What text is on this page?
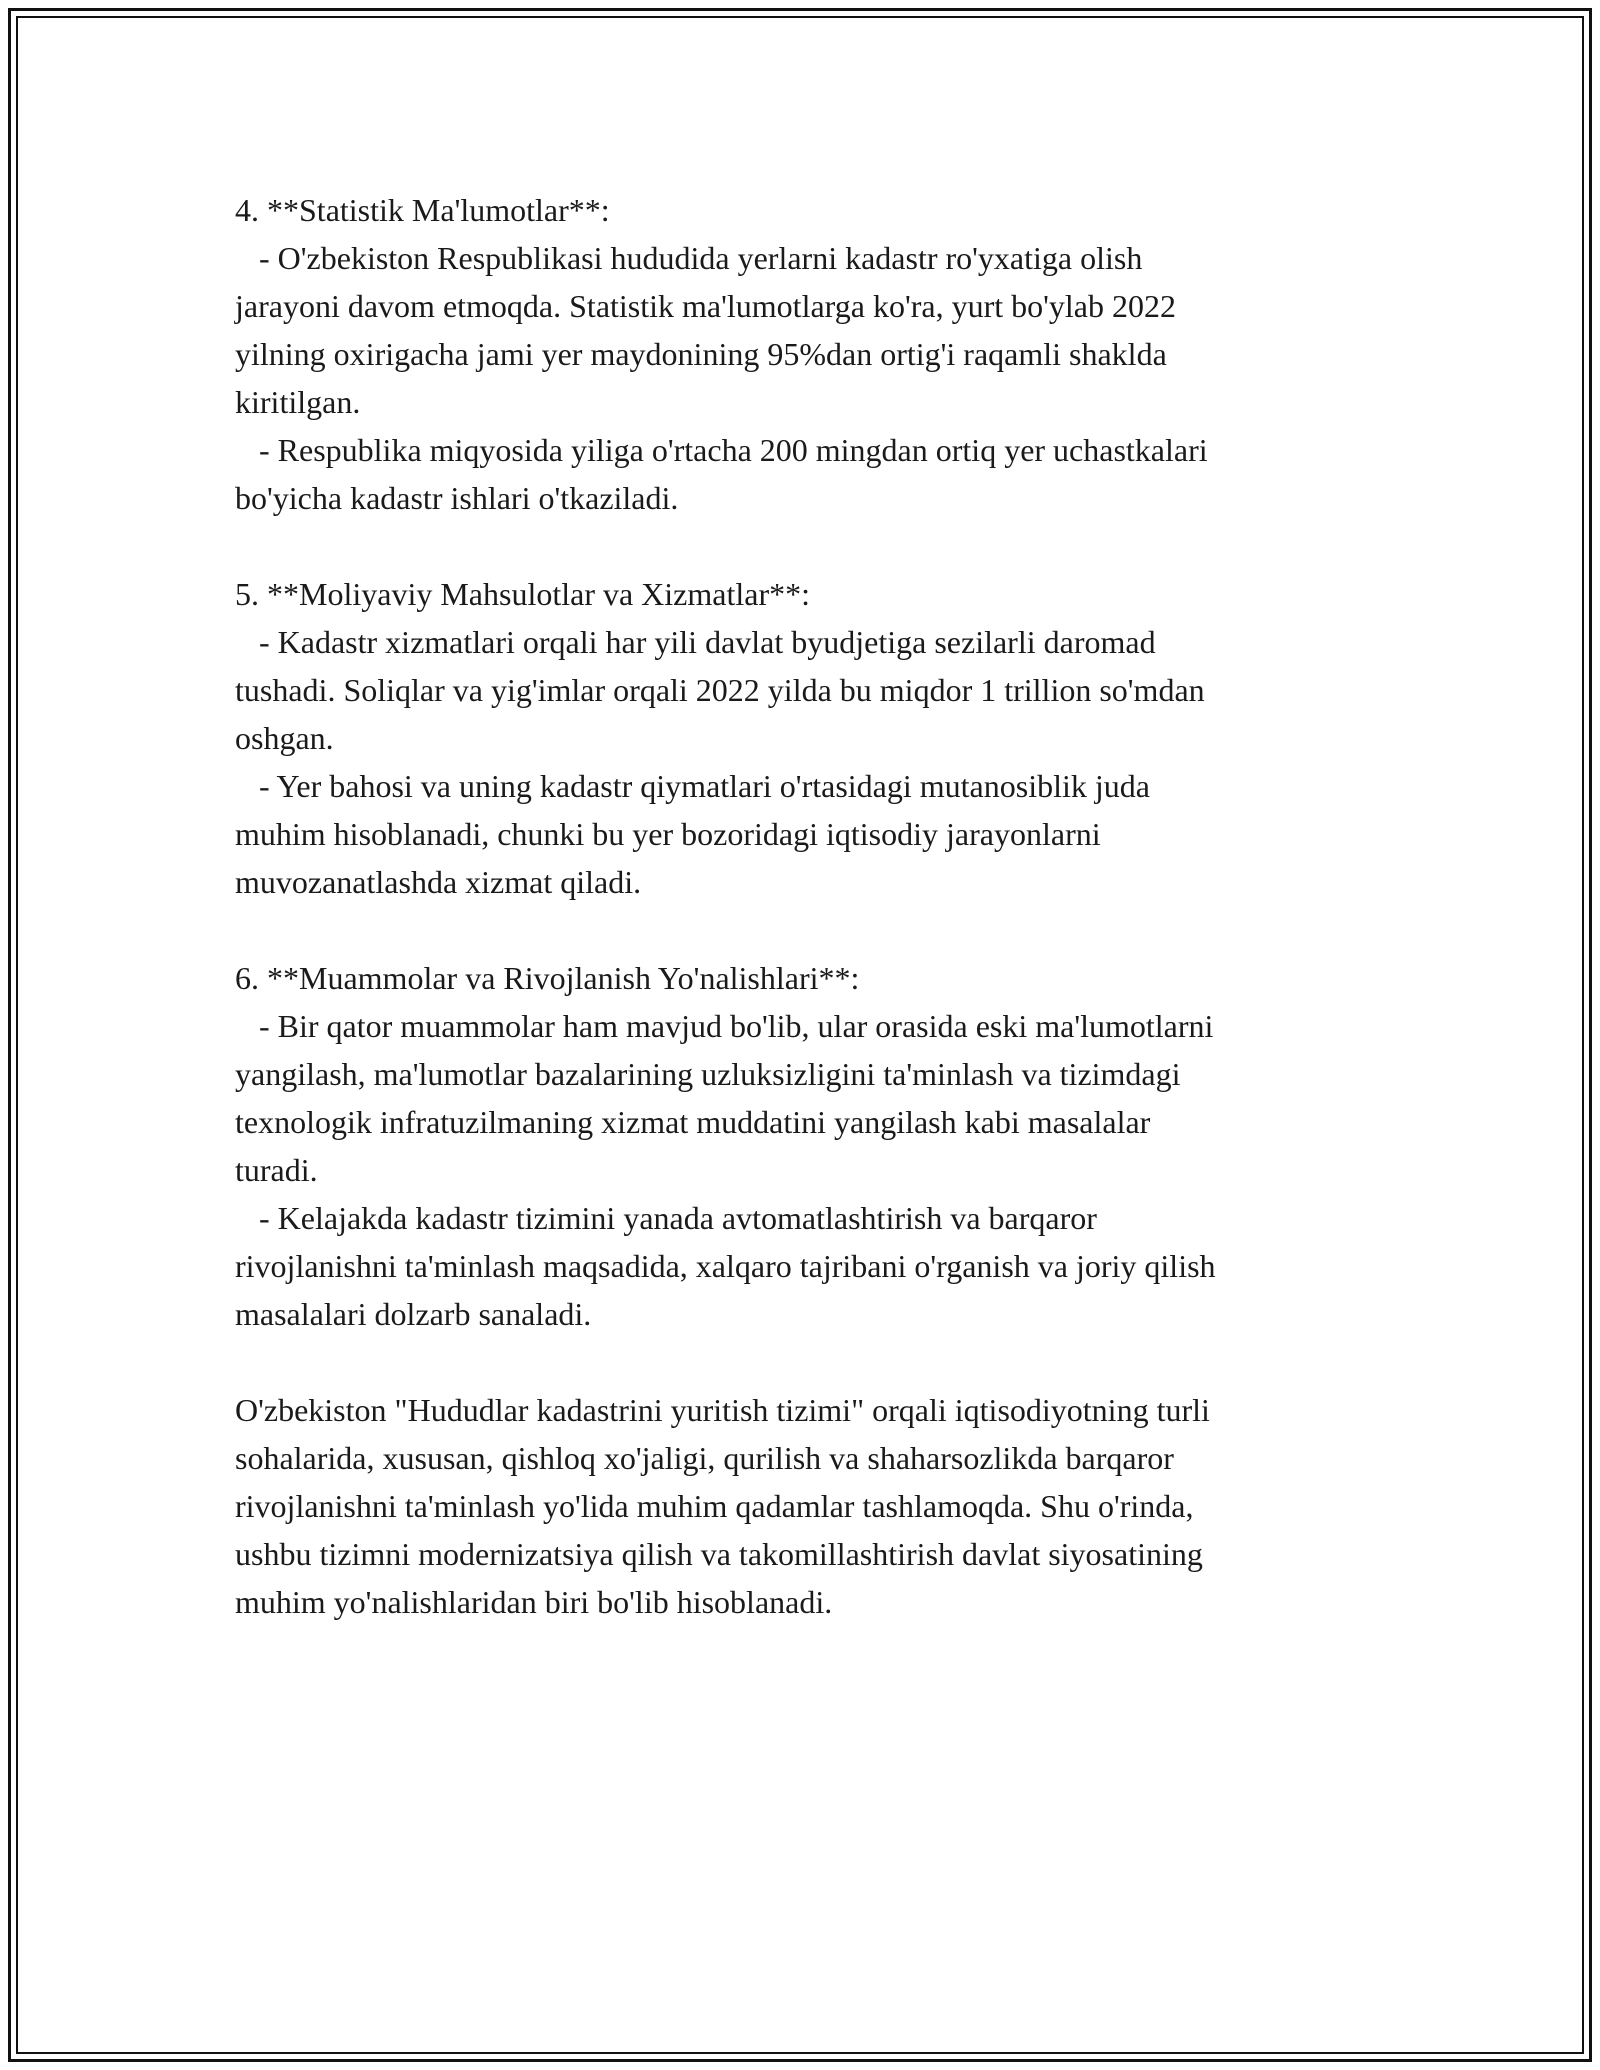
4. **Statistik Ma'lumotlar**:
- O'zbekiston Respublikasi hududida yerlarni kadastr ro'yxatiga olish
jarayoni davom etmoqda. Statistik ma'lumotlarga ko'ra, yurt bo'ylab 2022
yilning oxirigacha jami yer maydonining 95%dan ortig'i raqamli shaklda
kiritilgan.
- Respublika miqyosida yiliga o'rtacha 200 mingdan ortiq yer uchastkalari
bo'yicha kadastr ishlari o'tkaziladi.
5. **Moliyaviy Mahsulotlar va Xizmatlar**:
- Kadastr xizmatlari orqali har yili davlat byudjetiga sezilarli daromad
tushadi. Soliqlar va yig'imlar orqali 2022 yilda bu miqdor 1 trillion so'mdan
oshgan.
- Yer bahosi va uning kadastr qiymatlari o'rtasidagi mutanosiblik juda
muhim hisoblanadi, chunki bu yer bozoridagi iqtisodiy jarayonlarni
muvozanatlashda xizmat qiladi.
6. **Muammolar va Rivojlanish Yo'nalishlari**:
- Bir qator muammolar ham mavjud bo'lib, ular orasida eski ma'lumotlarni
yangilash, ma'lumotlar bazalarining uzluksizligini ta'minlash va tizimdagi
texnologik infratuzilmaning xizmat muddatini yangilash kabi masalalar
turadi.
- Kelajakda kadastr tizimini yanada avtomatlashtirish va barqaror
rivojlanishni ta'minlash maqsadida, xalqaro tajribani o'rganish va joriy qilish
masalalari dolzarb sanaladi.
O'zbekiston "Hududlar kadastrini yuritish tizimi" orqali iqtisodiyotning turli
sohalarida, xususan, qishloq xo'jaligi, qurilish va shaharsozlikda barqaror
rivojlanishni ta'minlash yo'lida muhim qadamlar tashlamoqda. Shu o'rinda,
ushbu tizimni modernizatsiya qilish va takomillashtirish davlat siyosatining
muhim yo'nalishlaridan biri bo'lib hisoblanadi.
